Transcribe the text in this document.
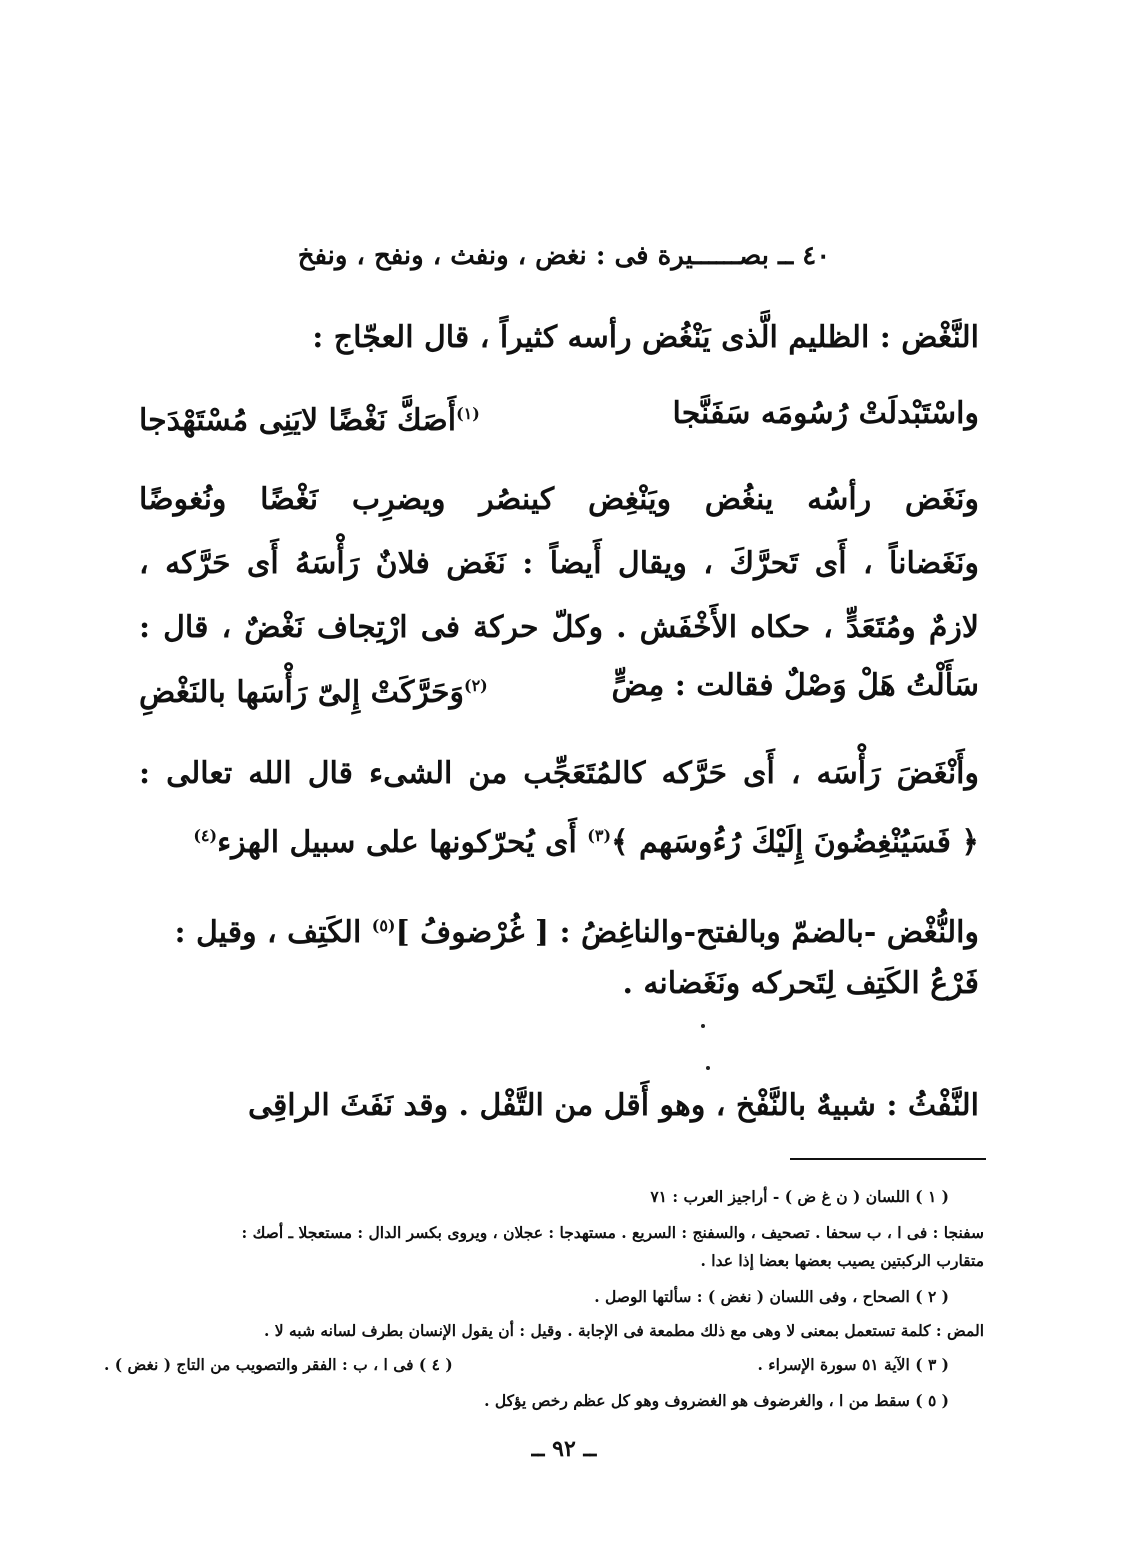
٤٠ ــ بصــــــيرة فى : نغض ، ونفث ، ونفح ، ونفخ
النَّغْض : الظليم الَّذى يَنْغُض رأسه كثيراً ، قال العجّاج :
واسْتَبْدلَتْ رُسُومَه سَفَنَّجا
$^{(١)}$أَصَكَّ نَغْضًا لايَنِى مُسْتَهْدَجا
ونَغَض رأسُه ينغُض ويَنْغِض كينصُر ويضرِب نَغْضًا ونُغوضًا
ونَغَضاناً ، أَى تَحرَّكَ ، ويقال أَيضاً : نَغَض فلانٌ رَأْسَهُ أَى حَرَّكه ،
لازمٌ ومُتَعَدٍّ ، حكاه الأَخْفَش . وكلّ حركة فى ارْتِجاف نَغْضٌ ، قال :
سَأَلْتُ هَلْ وَصْلٌ فقالت : مِضٍّ
$^{(٢)}$وَحَرَّكَتْ إِلىّ رَأْسَها بالنَغْضِ
وأَنْغَضَ رَأْسَه ، أَى حَرَّكه كالمُتَعَجِّب من الشىء قال الله تعالى :
﴿ فَسَيُنْغِضُونَ إِلَيْكَ رُءُوسَهم ﴾$^{(٣)}$ أَى يُحرّكونها على سبيل الهزء$^{(٤)}$
والنُّغْض -بالضمّ وبالفتح-والناغِضُ : [ غُرْضوفُ ]$^{(٥)}$ الكَتِف ، وقيل :
فَرْعُ الكَتِف لِتَحركه ونَغَضانه .
النَّفْثُ : شبيهٌ بالنَّفْخ ، وهو أَقل من التَّفْل . وقد نَفَثَ الراقِى
( ١ ) اللسان ( ن غ ض ) - أراجيز العرب : ٧١
سفنجا : فى ا ، ب سحفا . تصحيف ، والسفنج : السريع . مستهدجا : عجلان ، ويروى بكسر الدال : مستعجلا ـ أصك :
متقارب الركبتين يصيب بعضها بعضا إذا عدا .
( ٢ ) الصحاح ، وفى اللسان ( نغض ) : سألتها الوصل .
المض : كلمة تستعمل بمعنى لا وهى مع ذلك مطمعة فى الإجابة . وقيل : أن يقول الإنسان بطرف لسانه شبه لا .
( ٣ ) الآية ٥١ سورة الإسراء .
( ٤ ) فى ا ، ب : الفقر والتصويب من التاج ( نغض ) .
( ٥ ) سقط من ا ، والغرضوف هو الغضروف وهو كل عظم رخص يؤكل .
ــ ٩٢ ــ
